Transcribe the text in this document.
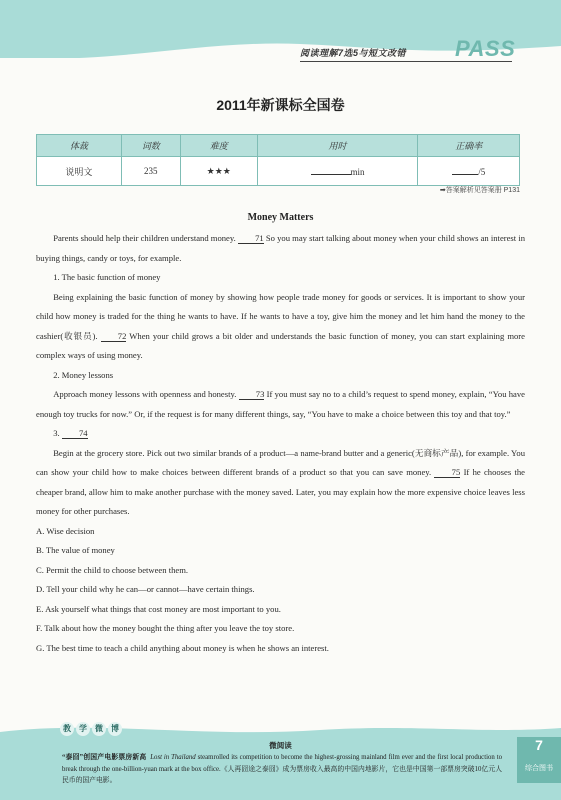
阅读理解7选5与短文改错 PASS
2011年新课标全国卷
体裁	词数	难度	用时	正确率
说明文	235	★★★	min	/5
➡答案解析见答案册 P131
Money Matters

Parents should help their children understand money. 71 So you may start talking about money when your child shows an interest in buying things, candy or toys, for example.

1. The basic function of money

Being explaining the basic function of money by showing how people trade money for goods or services. It is important to show your child how money is traded for the thing he wants to have. If he wants to have a toy, give him the money and let him hand the money to the cashier(收银员). 72 When your child grows a bit older and understands the basic function of money, you can start explaining more complex ways of using money.

2. Money lessons

Approach money lessons with openness and honesty. 73 If you must say no to a child’s request to spend money, explain, “You have enough toy trucks for now.” Or, if the request is for many different things, say, “You have to make a choice between this toy and that toy.”

3. 74

Begin at the grocery store. Pick out two similar brands of a product—a name-brand butter and a generic(无商标产品), for example. You can show your child how to make choices between different brands of a product so that you can save money. 75 If he chooses the cheaper brand, allow him to make another purchase with the money saved. Later, you may explain how the more expensive choice leaves less money for other purchases.

A. Wise decision

B. The value of money

C. Permit the child to choose between them.

D. Tell your child why he can—or cannot—have certain things.

E. Ask yourself what things that cost money are most important to you.

F. Talk about how the money bought the thing after you leave the toy store.

G. The best time to teach a child anything about money is when he shows an interest.

教 学 微 博
微阅读
“泰囧”创国产电影票房新高 Lost in Thailand steamrolled its competition to become the highest-grossing mainland film ever and the first local production to break through the one-billion-yuan mark at the box office.《人再囧途之泰囧》成为票房收入最高的中国内地影片，它也是中国第一部票房突破10亿元人民币的国产电影。
7
综合图书
